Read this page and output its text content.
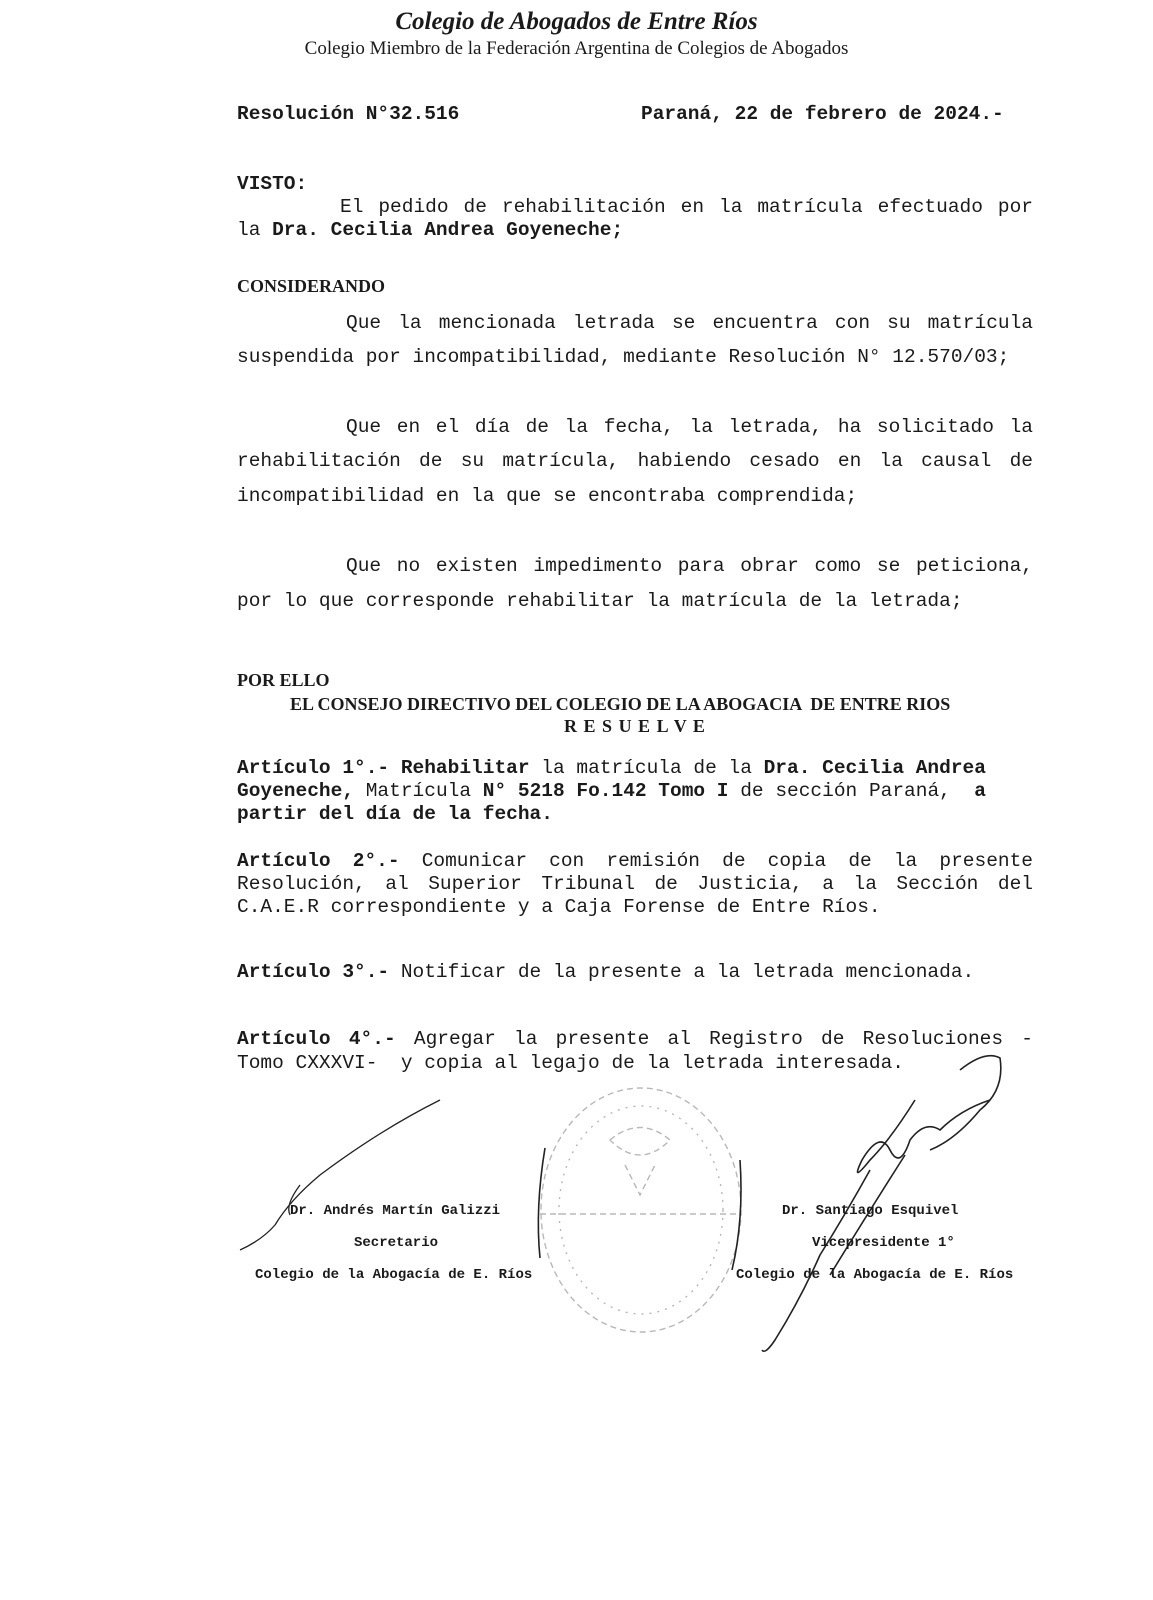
Colegio de Abogados de Entre Ríos
Colegio Miembro de la Federación Argentina de Colegios de Abogados
Resolución N°32.516	Paraná, 22 de febrero de 2024.-
VISTO:
El pedido de rehabilitación en la matrícula efectuado por
la Dra. Cecilia Andrea Goyeneche;
CONSIDERANDO
Que la mencionada letrada se encuentra con su matrícula
suspendida por incompatibilidad, mediante Resolución N° 12.570/03;
Que en el día de la fecha, la letrada, ha solicitado la
rehabilitación de su matrícula, habiendo cesado en la causal de
incompatibilidad en la que se encontraba comprendida;
Que no existen impedimento para obrar como se peticiona,
por lo que corresponde rehabilitar la matrícula de la letrada;
POR ELLO
EL CONSEJO DIRECTIVO DEL COLEGIO DE LA ABOGACIA  DE ENTRE RIOS
R E S U E L V E
Artículo 1°.- Rehabilitar la matrícula de la Dra. Cecilia Andrea
Goyeneche, Matrícula N° 5218 Fo.142 Tomo I de sección Paraná, a
partir del día de la fecha.
Artículo 2°.- Comunicar con remisión de copia de la presente
Resolución, al Superior Tribunal de Justicia, a la Sección del
C.A.E.R correspondiente y a Caja Forense de Entre Ríos.
Artículo 3°.- Notificar de la presente a la letrada mencionada.
Artículo 4°.- Agregar la presente al Registro de Resoluciones -
Tomo CXXXVI-  y copia al legajo de la letrada interesada.
Dr. Andrés Martín Galizzi
Secretario
Colegio de la Abogacía de E. Ríos
Dr. Santiago Esquivel
Vicepresidente 1°
Colegio de la Abogacía de E. Ríos
